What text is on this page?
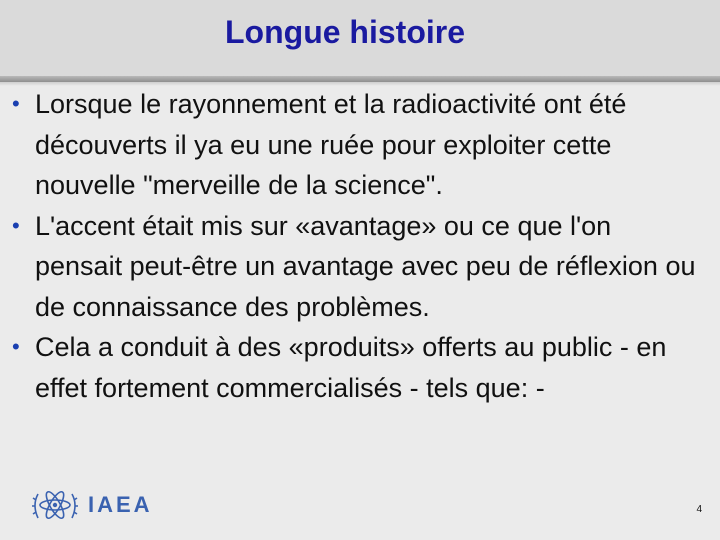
Longue histoire
• Lorsque le rayonnement et la radioactivité ont été découverts il ya eu une ruée pour exploiter cette nouvelle "merveille de la science".
• L'accent était mis sur «avantage» ou ce que l'on pensait peut-être un avantage avec peu de réflexion ou de connaissance des problèmes.
• Cela a conduit à des «produits» offerts au public - en effet fortement commercialisés - tels que: -
IAEA	4
